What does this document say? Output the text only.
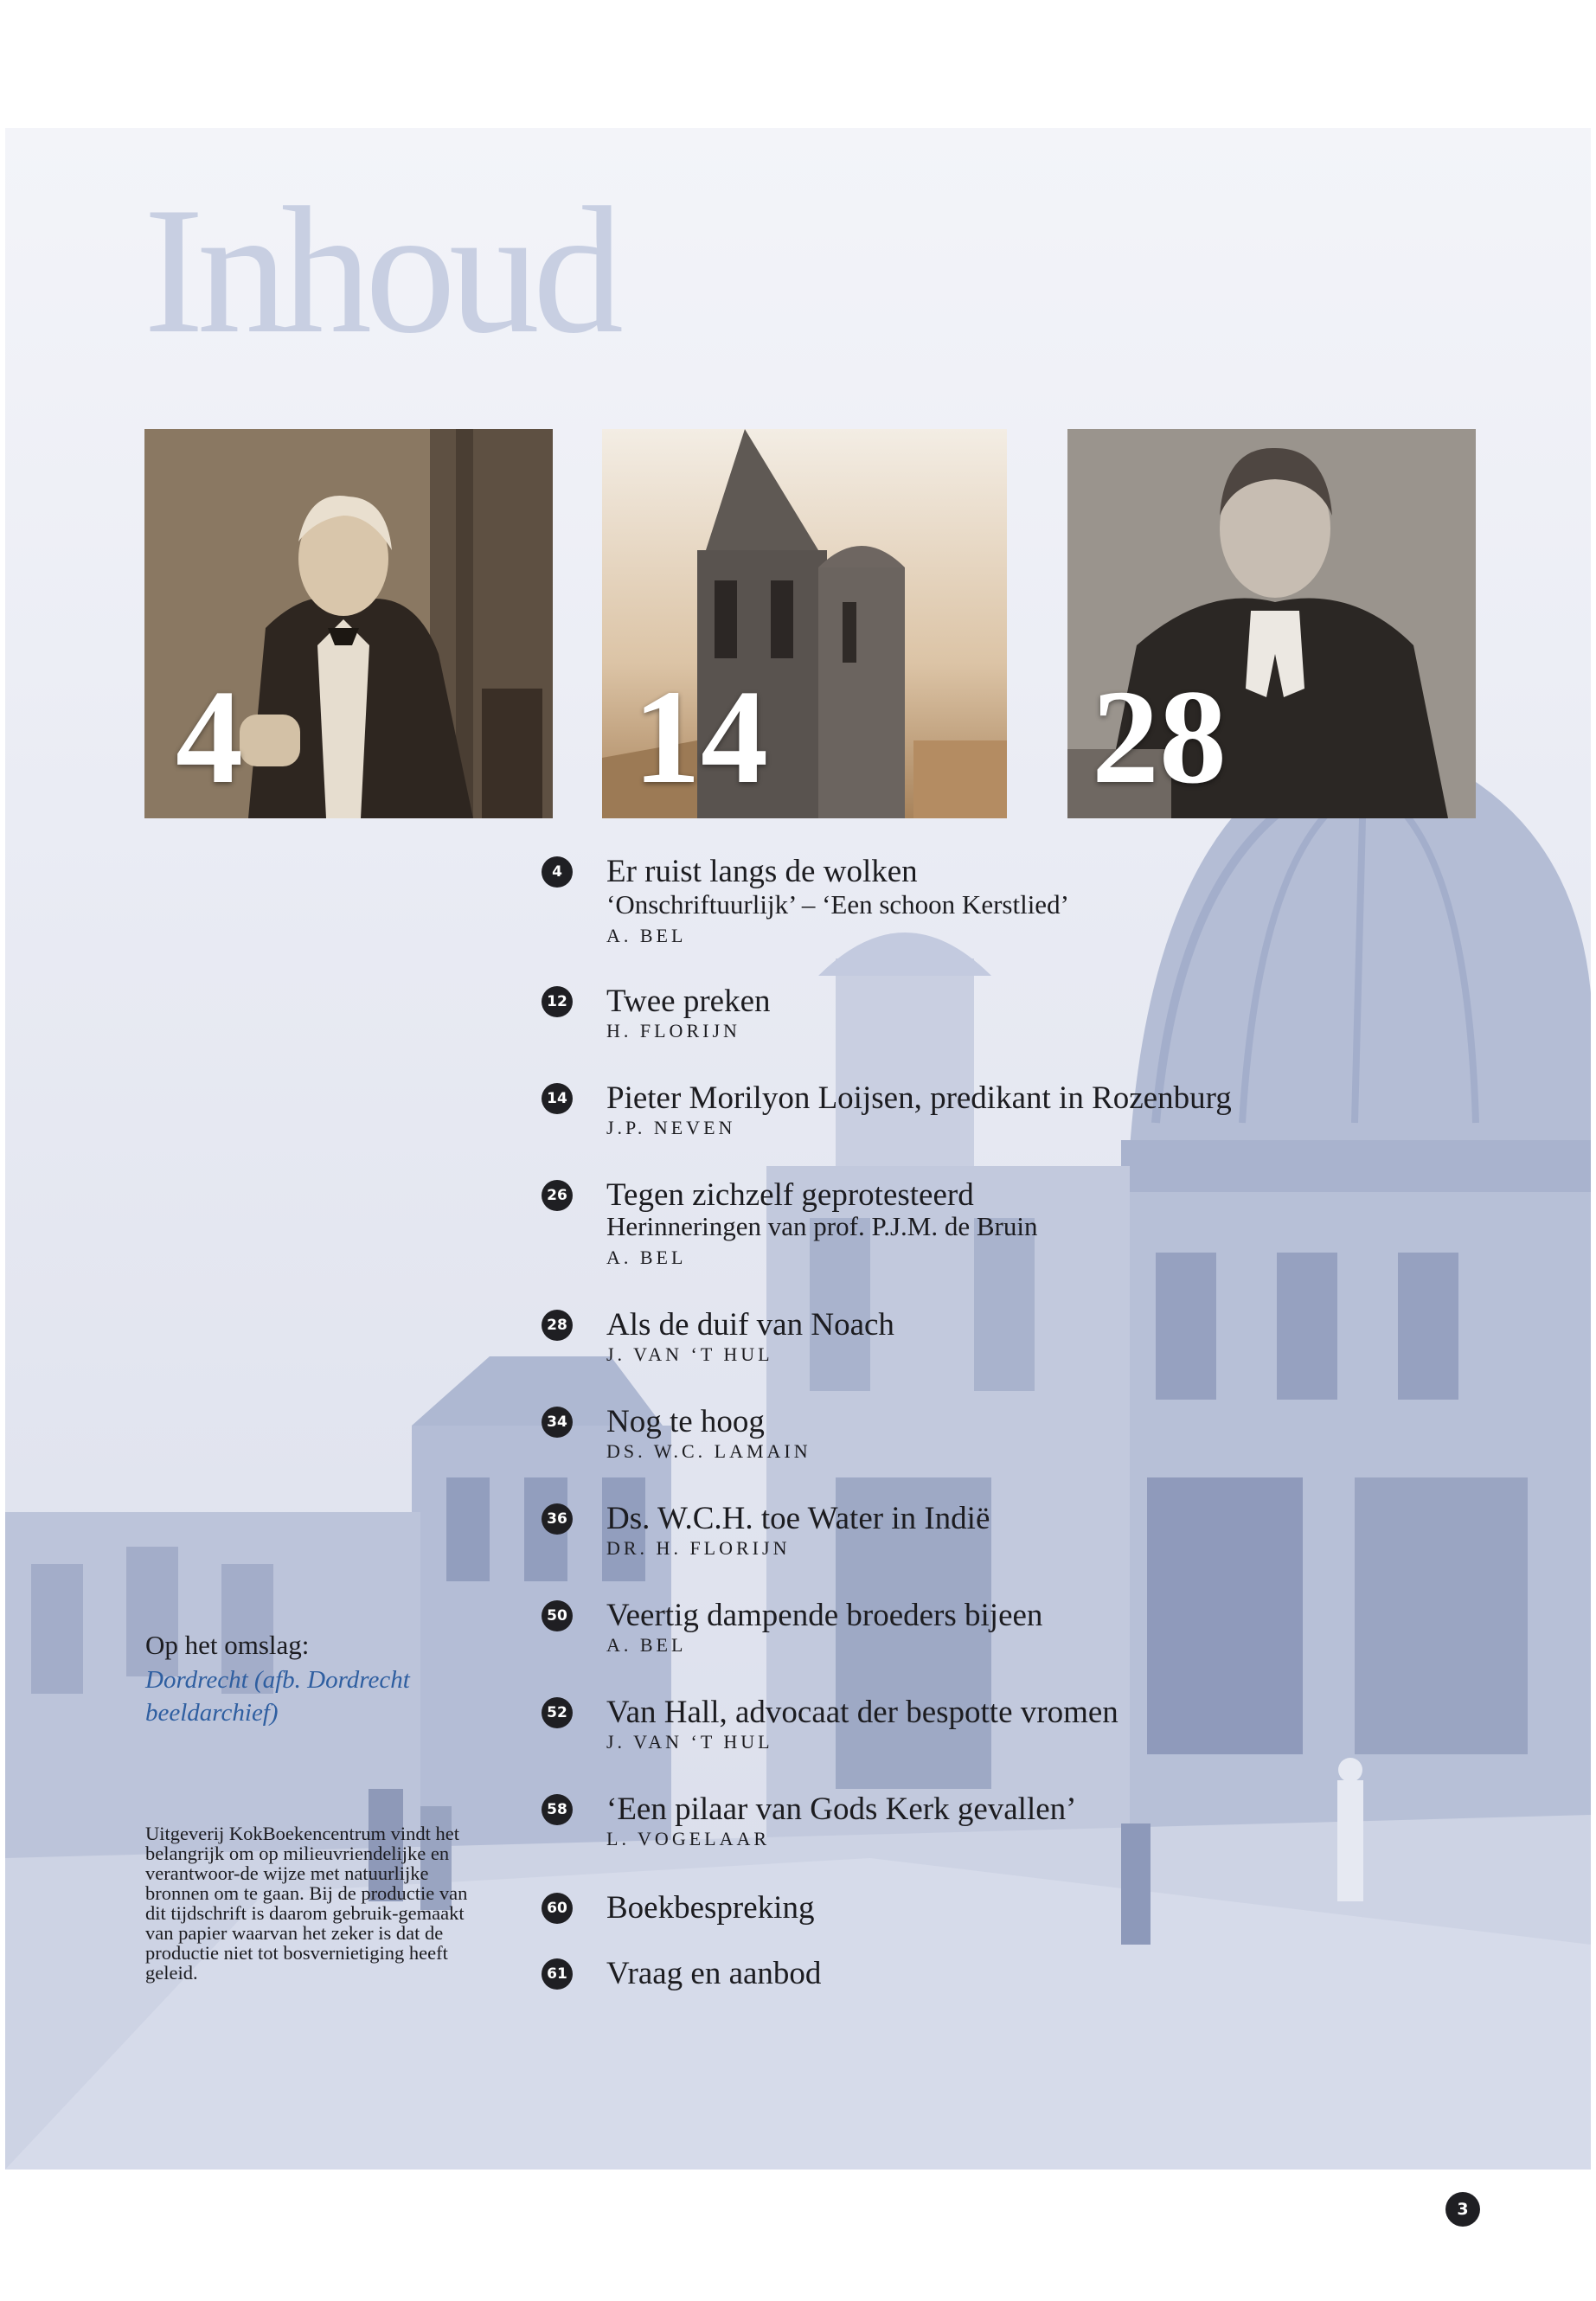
Inhoud
4	14 28
4	Er ruist langs de wolken
‘Onschriftuurlijk’ – ‘Een schoon Kerstlied’
A. BEL
12 Twee preken
H. FLORIJN
14 Pieter Morilyon Loijsen, predikant in Rozenburg
J.P. NEVEN
26 Tegen zichzelf geprotesteerd
Herinneringen van prof. P.J.M. de Bruin
A. BEL
28 Als de duif van Noach
J. VAN ‘T HUL
34 Nog te hoog
DS. W.C. LAMAIN
36 Ds. W.C.H. toe Water in Indië
DR. H. FLORIJN
50 Veertig dampende broeders bijeen
A. BEL
52 Van Hall, advocaat der bespotte vromen
J. VAN ‘T HUL
58 ‘Een pilaar van Gods Kerk gevallen’
L. VOGELAAR
60 Boekbespreking
61 Vraag en aanbod
Op het omslag:
Dordrecht (afb. Dordrecht beeldarchief)
Uitgeverij KokBoekencentrum vindt het belangrijk om op milieuvriendelijke en verantwoor-de wijze met natuurlijke bronnen om te gaan. Bij de productie van dit tijdschrift is daarom gebruik-gemaakt van papier waarvan het zeker is dat de productie niet tot bosvernietiging heeft geleid.
3
